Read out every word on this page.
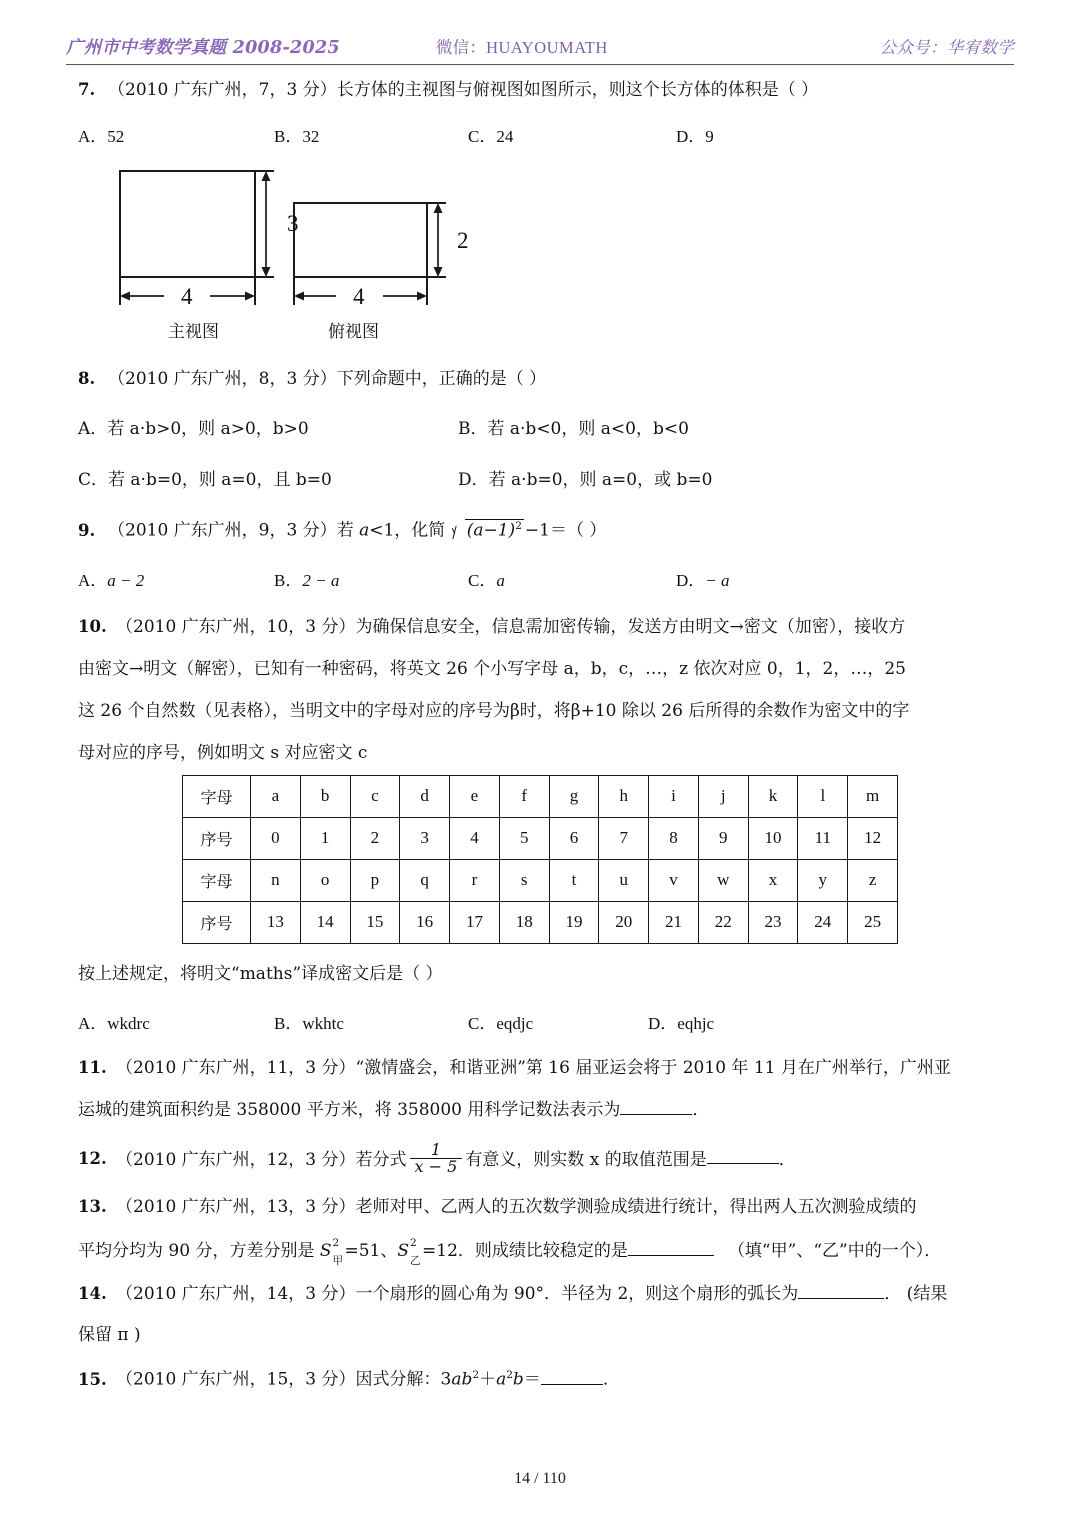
广州市中考数学真题 2008-2025	微信：HUAYOUMATH	公众号：华宥数学
7. （2010 广东广州，7，3 分）长方体的主视图与俯视图如图所示，则这个长方体的体积是（ ）
A．52	B．32	C．24	D．9
3
2
4	4
主视图	俯视图
8. （2010 广东广州，8，3 分）下列命题中，正确的是（ ）
A．若 a·b>0，则 a>0，b>0	B．若 a·b<0，则 a<0，b<0
C．若 a·b=0，则 a=0，且 b=0	D．若 a·b=0，则 a=0，或 b=0
9. （2010 广东广州，9，3 分）若 a<1，化简 $(a-1)^2 -1=$（ ）
A．a − 2	B．2 − a	C．a	D．− a
10. （2010 广东广州，10，3 分）为确保信息安全，信息需加密传输，发送方由明文→密文（加密），接收方
由密文→明文（解密），已知有一种密码，将英文 26 个小写字母 a，b，c，…，z 依次对应 0，1，2，…，25
这 26 个自然数（见表格），当明文中的字母对应的序号为β时，将β+10 除以 26 后所得的余数作为密文中的字
母对应的序号，例如明文 s 对应密文 c
字母	a	b	c	d	e	f	g	h	i	j	k	l	m
序号	0	1	2	3	4	5	6	7	8	9	10	11	12
字母	n	o	p	q	r	s	t	u	v	w	x	y	z
序号	13	14	15	16	17	18	19	20	21	22	23	24	25
按上述规定，将明文“maths”译成密文后是（ ）
A．wkdrc	B．wkhtc	C．eqdjc	D．eqhjc
11. （2010 广东广州，11，3 分）“激情盛会，和谐亚洲”第 16 届亚运会将于 2010 年 11 月在广州举行，广州亚
运城的建筑面积约是 358000 平方米，将 358000 用科学记数法表示为	．
12. （2010 广东广州，12，3 分）若分式 $\frac{1}{x - 5}$ 有意义，则实数 x 的取值范围是	．
13. （2010 广东广州，13，3 分）老师对甲、乙两人的五次数学测验成绩进行统计，得出两人五次测验成绩的
平均分均为 90 分，方差分别是 S 2
甲 =51、S 2
乙 =12．则成绩比较稳定的是	（填“甲”、“乙”中的一个）．
14. （2010 广东广州，14，3 分）一个扇形的圆心角为 90°．半径为 2，则这个扇形的弧长为	． (结果
保留 π )
15. （2010 广东广州，15，3 分）因式分解：$3ab^2+a^2b=$	．
14 / 110
